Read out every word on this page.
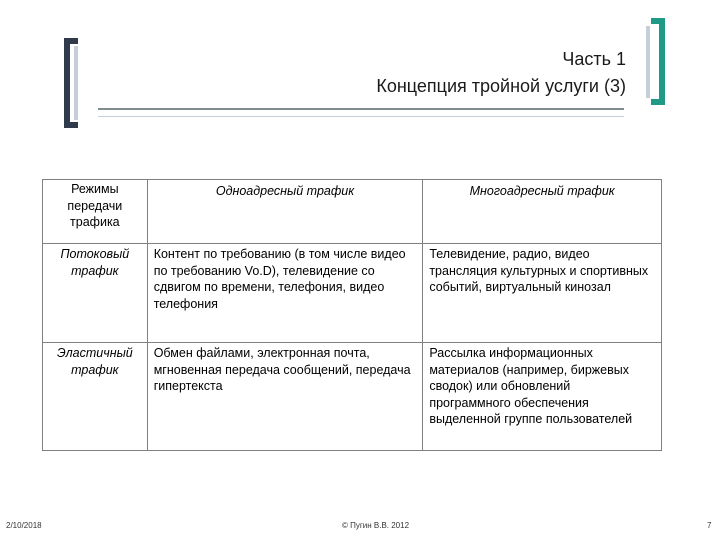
Часть 1
Концепция тройной услуги (3)
Режимы передачи трафика	Одноадресный трафик	Многоадресный трафик
Потоковый трафик	Контент по требованию (в том числе видео по требованию Vo.D), телевидение со сдвигом по времени, телефония, видео телефония	Телевидение, радио, видео трансляция культурных и спортивных событий, виртуальный кинозал
Эластичный трафик	Обмен файлами, электронная почта, мгновенная передача сообщений, передача гипертекста	Рассылка информационных материалов (например, биржевых сводок) или обновлений программного обеспечения выделенной группе пользователей
2/10/2018	© Пугин В.В. 2012	7
